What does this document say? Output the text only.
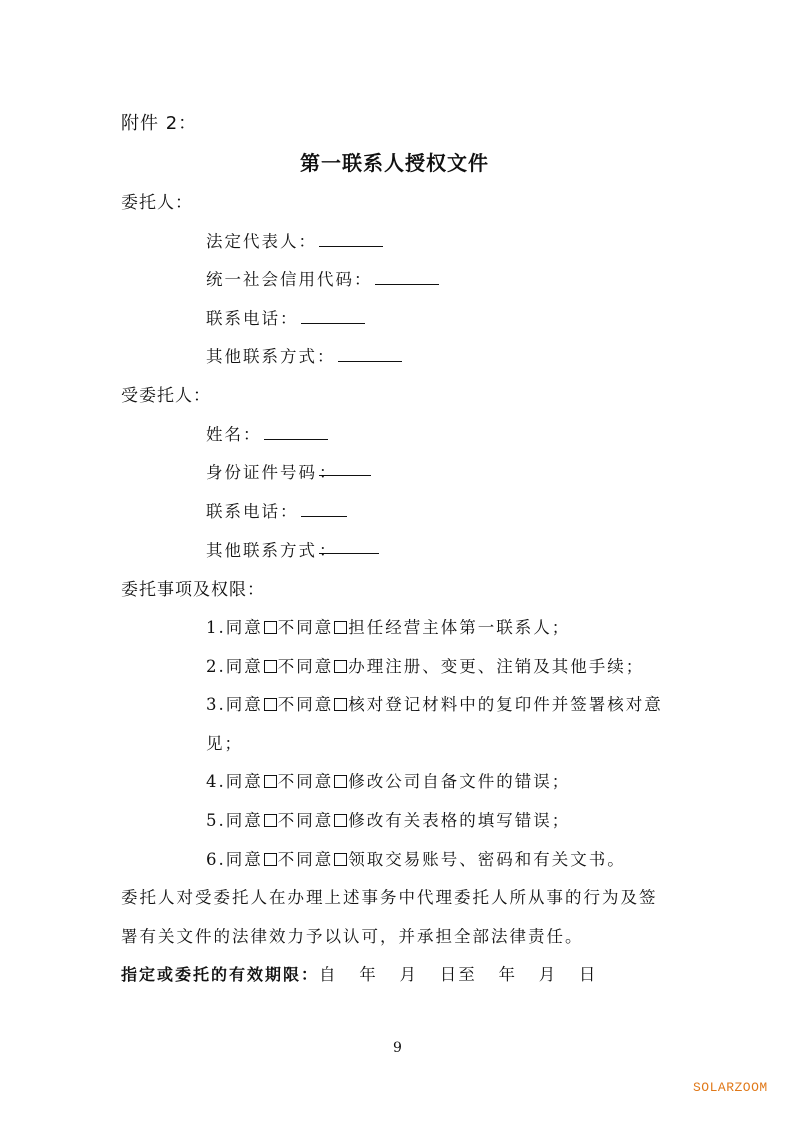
附件 2：
第一联系人授权文件
委托人：
法定代表人：
统一社会信用代码：
联系电话：
其他联系方式：
受委托人：
姓名：
身份证件号码 ：
联系电话：
其他联系方式 ：
委托事项及权限：
1.同意 不同意 担任经营主体第一联系人；
2.同意 不同意 办理注册、变更、注销及其他手续；
3.同意 不同意 核对登记材料中的复印件并签署核对意
见；
4.同意 不同意 修改公司自备文件的错误；
5.同意 不同意 修改有关表格的填写错误；
6.同意 不同意 领取交易账号、密码和有关文书。
委托人对受委托人在办理上述事务中代理委托人所从事的行为及签
署有关文件的法律效力予以认可，并承担全部法律责任。
指定或委托的有效期限：自   年   月   日至   年   月   日
9
SOLARZOOM
